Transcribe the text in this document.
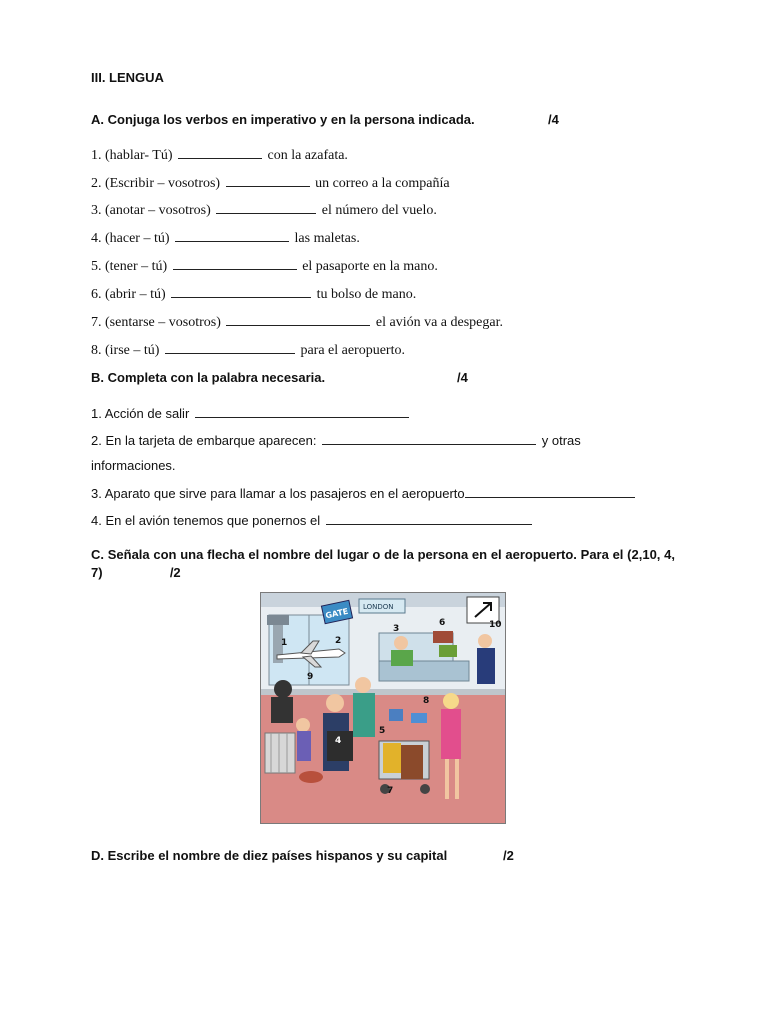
III. LENGUA
A. Conjuga los verbos en imperativo y en la persona indicada.	/4
1. (hablar- Tú)	con la azafata.
2. (Escribir – vosotros)	un correo a la compañía
3. (anotar – vosotros)	el número del vuelo.
4. (hacer – tú)	las maletas.
5. (tener – tú)	el pasaporte en la mano.
6. (abrir – tú)	tu bolso de mano.
7. (sentarse – vosotros)	el avión va a despegar.
8. (irse – tú)	para el aeropuerto.
B. Completa con la palabra necesaria.	/4
1. Acción de salir
2. En la tarjeta de embarque aparecen:	y otras
informaciones.
3. Aparato que sirve para llamar a los pasajeros en el aeropuerto
4. En el avión tenemos que ponernos el
C. Señala con una flecha el nombre del lugar o de la persona en el aeropuerto. Para el (2,10, 4, 7)	/2
GATE LONDON
1	2
3
4
5
6
7
8
9
10
D. Escribe el nombre de diez países hispanos y su capital	/2
